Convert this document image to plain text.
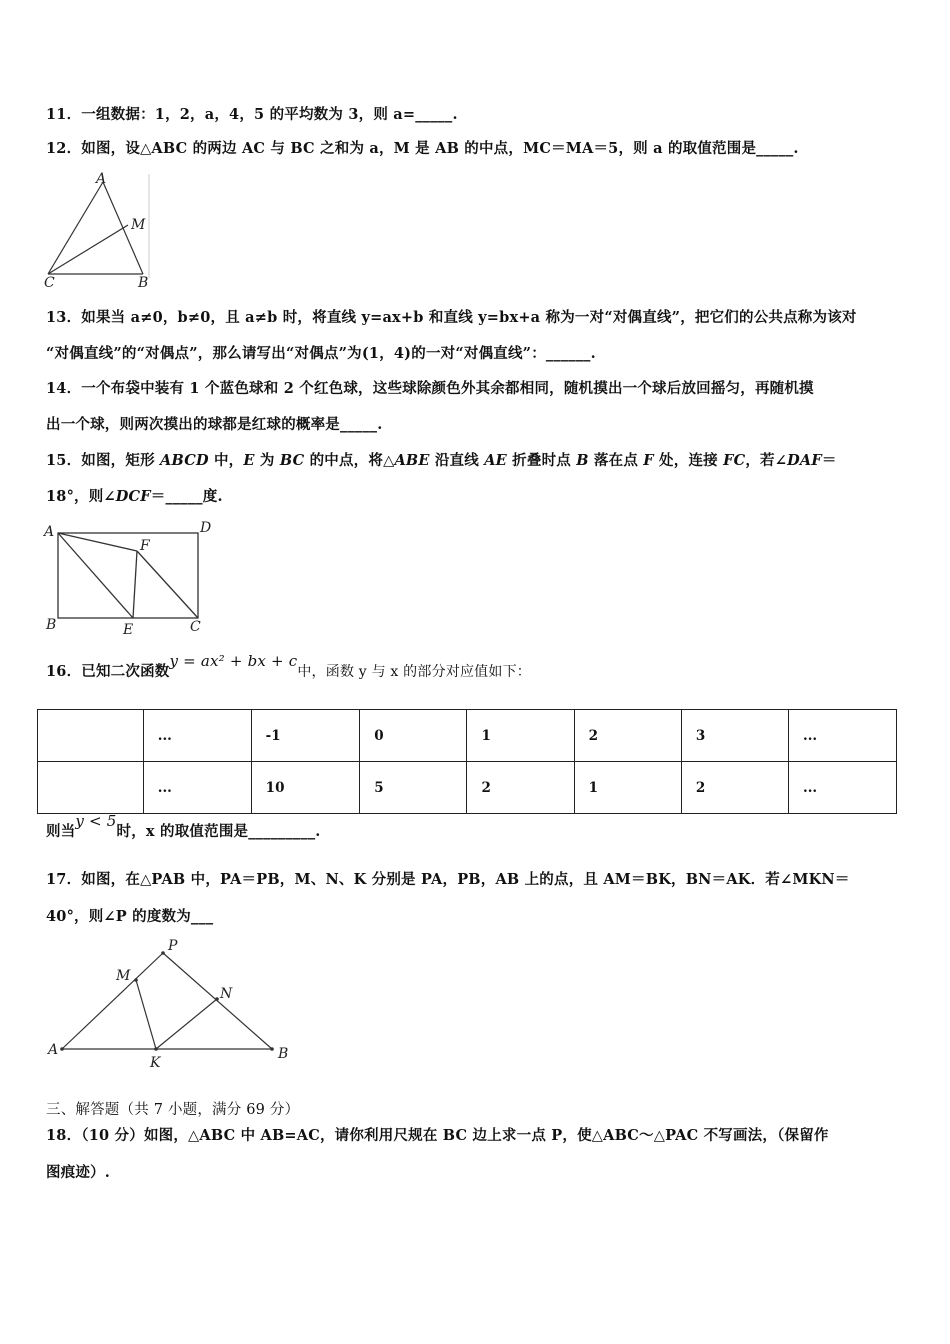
11．一组数据：1，2，a，4，5 的平均数为 3，则 a=_____.
12．如图，设△ABC 的两边 AC 与 BC 之和为 a，M 是 AB 的中点，MC＝MA＝5，则 a 的取值范围是_____.
A
M
C	B
13．如果当 a≠0，b≠0，且 a≠b 时，将直线 y=ax+b 和直线 y=bx+a 称为一对“对偶直线”，把它们的公共点称为该对
“对偶直线”的“对偶点”，那么请写出“对偶点”为(1，4)的一对“对偶直线”：______.
14．一个布袋中装有 1 个蓝色球和 2 个红色球，这些球除颜色外其余都相同，随机摸出一个球后放回摇匀，再随机摸
出一个球，则两次摸出的球都是红球的概率是_____.
15．如图，矩形 ABCD 中，E 为 BC 的中点，将△ABE 沿直线 AE 折叠时点 B 落在点 F 处，连接 FC，若∠DAF＝
18°，则∠DCF＝_____度.
A	D
F
B	E	C
16．已知二次函数y = ax² + bx + c中，函数 y 与 x 的部分对应值如下：
	...	-1	0	1	2	3	...
	...	10	5	2	1	2	...
则当y < 5时，x 的取值范围是_________.
17．如图，在△PAB 中，PA＝PB，M、N、K 分别是 PA，PB，AB 上的点，且 AM＝BK，BN＝AK．若∠MKN＝
40°，则∠P 的度数为___
P
M
N
A
K
B
三、解答题（共 7 小题，满分 69 分）
18．（10 分）如图，△ABC 中 AB=AC，请你利用尺规在 BC 边上求一点 P，使△ABC～△PAC 不写画法，（保留作
图痕迹）.
